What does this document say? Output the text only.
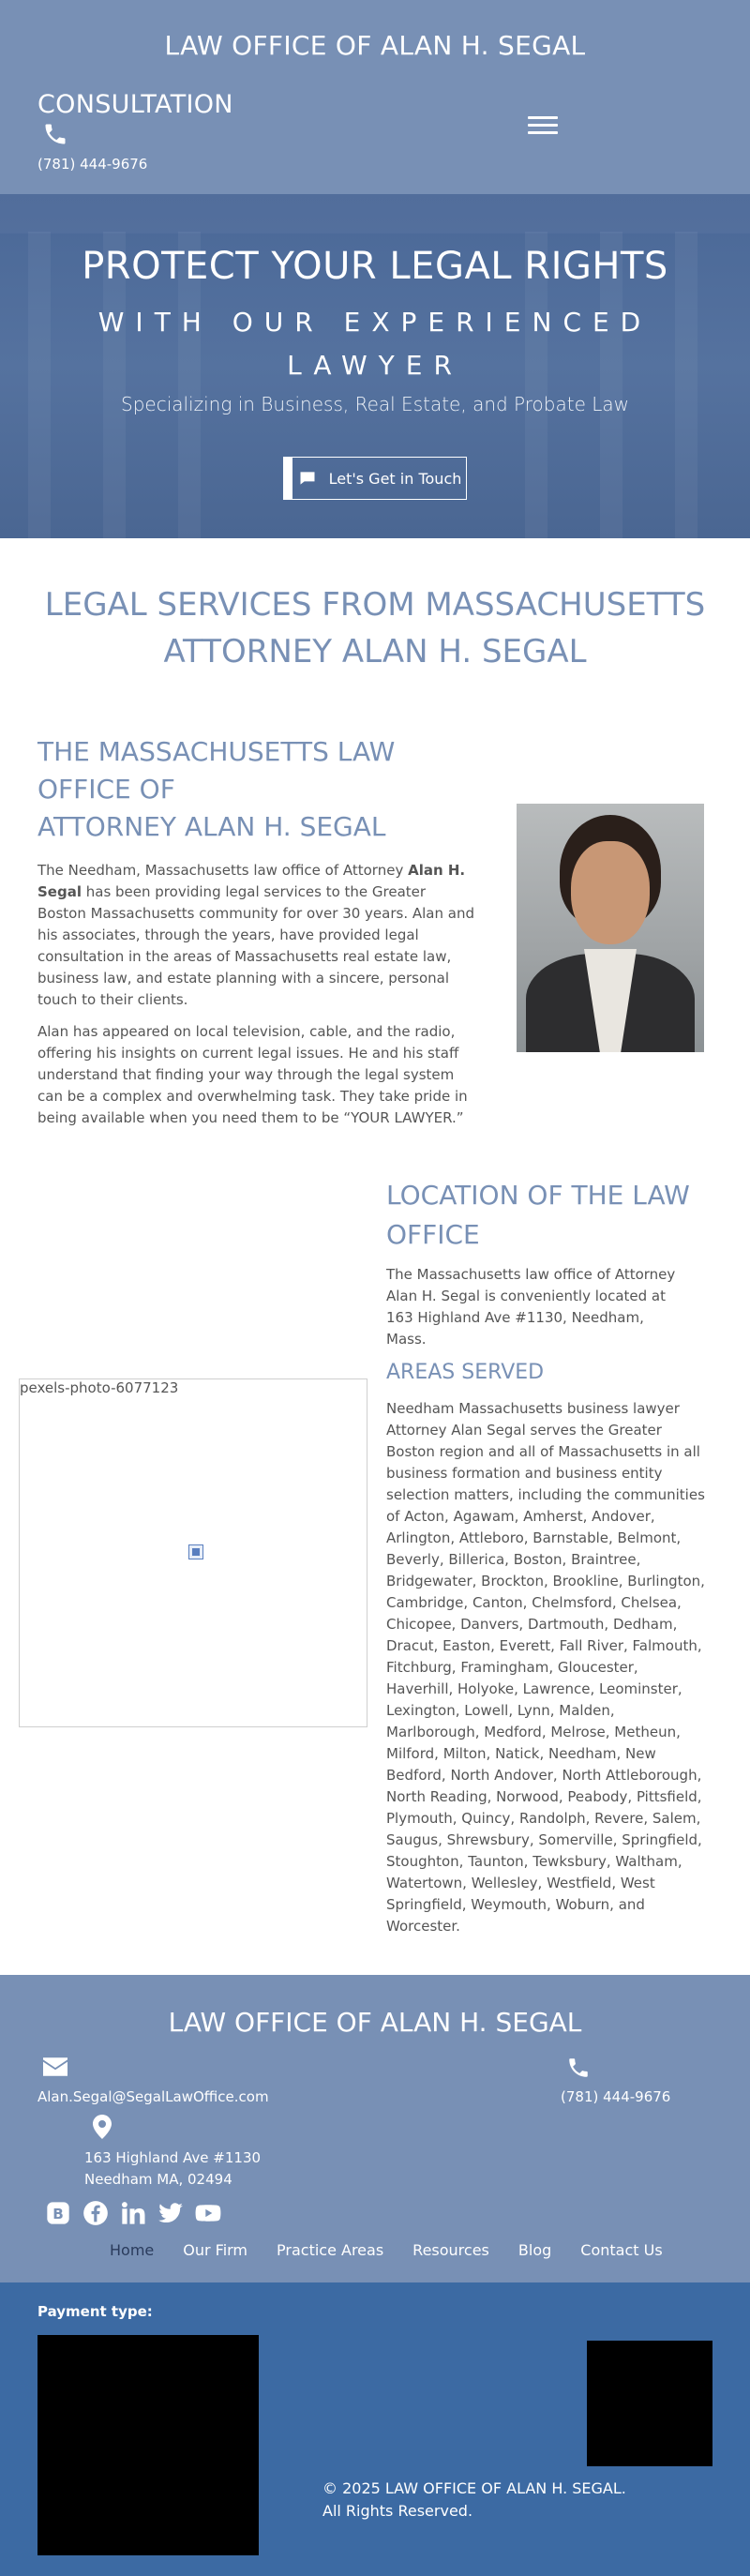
LAW OFFICE OF ALAN H. SEGAL
CONSULTATION
(781) 444-9676
PROTECT YOUR LEGAL RIGHTS
WITH OUR EXPERIENCED LAWYER

Specializing in Business, Real Estate, and Probate Law

Let's Get in Touch
LEGAL SERVICES FROM MASSACHUSETTS ATTORNEY ALAN H. SEGAL
THE MASSACHUSETTS LAW
OFFICE OF
ATTORNEY ALAN H. SEGAL

The Needham, Massachusetts law office of Attorney Alan H. Segal has been providing legal services to the Greater Boston Massachusetts community for over 30 years. Alan and his associates, through the years, have provided legal consultation in the areas of Massachusetts real estate law, business law, and estate planning with a sincere, personal touch to their clients.

Alan has appeared on local television, cable, and the radio, offering his insights on current legal issues. He and his staff understand that finding your way through the legal system can be a complex and overwhelming task. They take pride in being available when you need them to be “YOUR LAWYER.”

LOCATION OF THE LAW OFFICE

The Massachusetts law office of Attorney Alan H. Segal is conveniently located at 163 Highland Ave #1130, Needham, Mass.

AREAS SERVED

Needham Massachusetts business lawyer Attorney Alan Segal serves the Greater Boston region and all of Massachusetts in all business formation and business entity selection matters, including the communities of Acton, Agawam, Amherst, Andover, Arlington, Attleboro, Barnstable, Belmont, Beverly, Billerica, Boston, Braintree, Bridgewater, Brockton, Brookline, Burlington, Cambridge, Canton, Chelmsford, Chelsea, Chicopee, Danvers, Dartmouth, Dedham, Dracut, Easton, Everett, Fall River, Falmouth, Fitchburg, Framingham, Gloucester, Haverhill, Holyoke, Lawrence, Leominster, Lexington, Lowell, Lynn, Malden, Marlborough, Medford, Melrose, Metheun, Milford, Milton, Natick, Needham, New Bedford, North Andover, North Attleborough, North Reading, Norwood, Peabody, Pittsfield, Plymouth, Quincy, Randolph, Revere, Salem, Saugus, Shrewsbury, Somerville, Springfield, Stoughton, Taunton, Tewksbury, Waltham, Watertown, Wellesley, Westfield, West Springfield, Weymouth, Woburn, and Worcester.

pexels-photo-6077123
LAW OFFICE OF ALAN H. SEGAL
Alan.Segal@SegalLawOffice.com	(781) 444-9676
163 Highland Ave #1130
Needham MA, 02494
B
Home Our Firm Practice Areas Resources Blog Contact Us
Payment type:
© 2025 LAW OFFICE OF ALAN H. SEGAL.
All Rights Reserved.
